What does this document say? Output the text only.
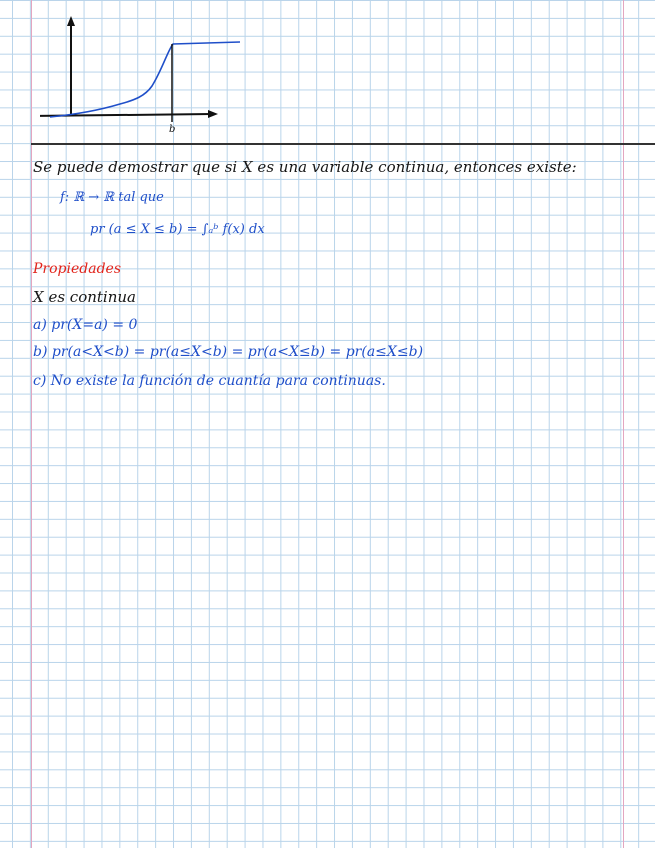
b
Se puede demostrar que si X es una variable continua, entonces existe:
f: ℝ → ℝ tal que
pr (a ≤ X ≤ b) = ∫ₐᵇ f(x) dx
Propiedades
X es continua
a) pr(X=a) = 0
b) pr(a<X<b) = pr(a≤X<b) = pr(a<X≤b) = pr(a≤X≤b)
c) No existe la función de cuantía para continuas.
